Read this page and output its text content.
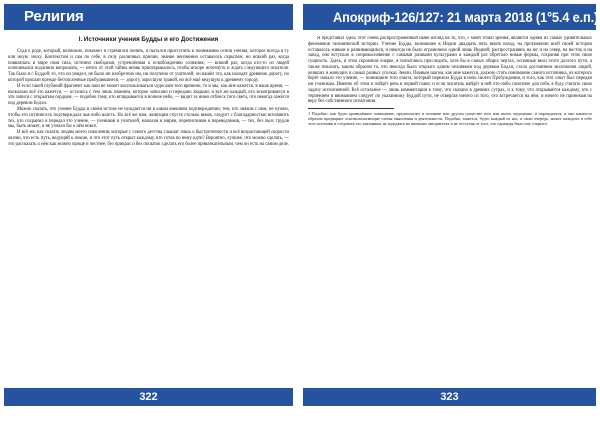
Религия	Апокриф-126/127: 21 марта 2018 (1°5.4 е.п.)
I. Источники учения Будды и его Достижения

Судя о роде, который, возможно, поможет я стремился понять, я пытался приступить к пониманию основ учения, которое всегда в ту или иную эпоху. Контекстом и сам по себе, в силу различных причин, знание неизменно оставалось скрытым; но всякий раз, когда появлялась в мире своя сила, истинно свободная, устремлённая к освобождению сознания, — всякий раз, когда кто-то из людей осмеливался подлинно вопрошать, — нечто от этой тайны вновь приоткрывалось, чтобы вскоре исчезнуть и ждать следующего искателя. Так было и с Буддой: то, что он увидел, не было ни изобретено им, ни получено от учителей; он нашёл это, как находят древнюю дорогу, по которой прошли прежде бесчисленные пробудившиеся, — дорогу, заросшую травой, но всё ещё ведущую к древнему городу.

И если такой глубокий фрагмент как наш не может воспользоваться чудесами того времени, то и мы, как мне кажется, в наше время, — насколько всё это кажется, — остались с тем лишь знанием, которое записано и передано людьми; и всё же каждый, кто всматривается в эти записи с открытым сердцем, — подобно тому, кто вглядывается в ночное небо, — видит за ними отблеск того света, что некогда зажёгся под деревом Бодхи.

Можно сказать, что учение Будды в своём истоке не нуждается ни в каком внешнем подтверждении; тем, кто знаком с ним, не нужно, чтобы его истинность подтверждала чья-либо власть. Но всё же нам, живущим спустя столько веков, следует с благодарностью вспомнить тех, кто сохранил и передал это учение, — учеников и учителей, монахов и мирян, переписчиков и переводчиков, — тех, без чьих трудов мы, быть может, и не узнали бы о нём вовсе.

И всё же, как сказать людям моего поколения, которые с самого детства слышат лишь о быстротечности и всё возрастающей скорости жизни, что есть путь, ведущий к покою, и что этот путь открыт каждому, кто готов по нему идти? Вероятно, лучшее, что можно сделать, — это рассказать о нём как можно проще и честнее, без прикрас и без попыток сделать его более привлекательным, чем он есть на самом деле.

Я представил здесь этот очень распространённый ныне взгляд на то, что, с моей точки зрения, является одним из самых удивительных феноменов человеческой истории. Учение Будды, возникшее в Индии двадцать пять веков назад, на протяжении всей своей истории оставалось живым и развивающимся, и никогда не было ограничено одной лишь Индией; распространяясь на юг и на север, на восток и на запад, оно вступало в соприкосновение с самыми разными культурами и каждый раз обретало новые формы, сохраняя при этом свою сущность. Здесь, в этом скромном очерке, я попытаюсь проследить, хотя бы в самых общих чертах, основные вехи этого долгого пути, а также показать, каким образом то, что некогда было открыто одним человеком под деревом Бодхи, стало достоянием миллионов людей, живших и живущих в самых разных уголках Земли. Первым шагом, как мне кажется, должно стать понимание самого источника, из которого берёт начало это учение, — понимание того опыта, который пережил Будда в ночь своего Пробуждения, и того, как этот опыт был передан им ученикам. Именно об этом и пойдёт речь в первой главе; и если читатель найдёт в ней что-либо полезное для себя, я буду считать свою задачу исполненной. Всё остальное — лишь комментарии к тому, что сказано в древних сутрах, и к тому, что открывается каждому, кто с терпением и вниманием следует по указанному Буддой пути, не отвергая ничего из того, что встречается на нём, и ничего не принимая на веру без собственного испытания.

1 Подобно, как будто приведённое помещение, предполагает в человеке или другом существе того или иного ощущение, и порождается, и оно каким-то образом предваряет основополагающие схемы мышления и деятельности. Подобно, кажется, будто каждый из нас, в свою очередь, может находить в себе этот источник и следовать его указаниям, не нуждаясь во внешних авторитетах и не отступая от того, что однажды было ему открыто.

322	323
